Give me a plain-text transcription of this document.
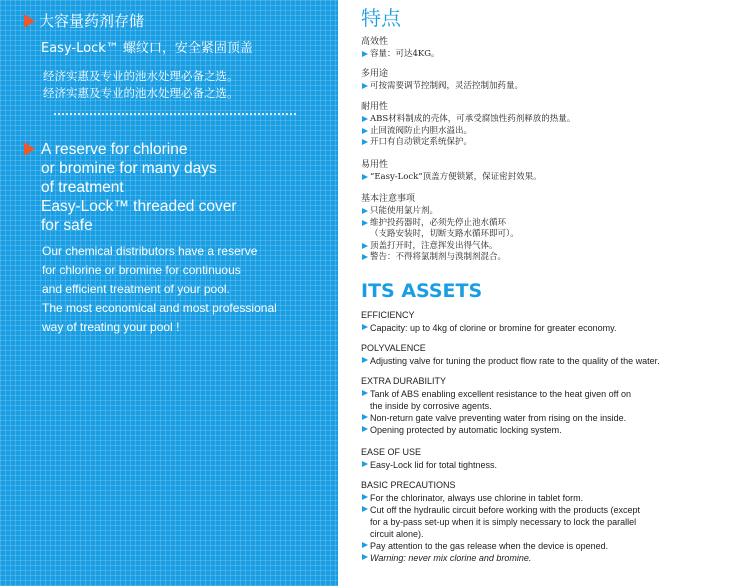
大容量药剂存储
Easy-Lock™ 螺纹口，安全紧固顶盖
经济实惠及专业的池水处理必备之选。
经济实惠及专业的池水处理必备之选。
A reserve for chlorine
or bromine for many days
of treatment
Easy-Lock™ threaded cover
for safe
Our chemical distributors have a reserve
for chlorine or bromine for continuous
and efficient treatment of your pool.
The most economical and most professional
way of treating your pool !
特点
高效性
容量：可达4KG。
多用途
可按需要调节控制阀，灵活控制加药量。
耐用性
ABS材料制成的壳体，可承受腐蚀性药剂释放的热量。
止回流阀防止内胆水溢出。
开口有自动锁定系统保护。
易用性
“Easy-Lock”顶盖方便锁紧，保证密封效果。
基本注意事项
只能使用氯片剂。
维护投药器时，必须先停止池水循环
（支路安装时，切断支路水循环即可）。
顶盖打开时，注意挥发出得气体。
警告：不得将氯制剂与溴制剂混合。
ITS ASSETS
EFFICIENCY
Capacity: up to 4kg of clorine or bromine for greater economy.
POLYVALENCE
Adjusting valve for tuning the product flow rate to the quality of the water.
EXTRA DURABILITY
Tank of ABS enabling excellent resistance to the heat given off on
the inside by corrosive agents.
Non-return gate valve preventing water from rising on the inside.
Opening protected by automatic locking system.
EASE OF USE
Easy-Lock lid for total tightness.
BASIC PRECAUTIONS
For the chlorinator, always use chlorine in tablet form.
Cut off the hydraulic circuit before working with the products (except
for a by-pass set-up when it is simply necessary to lock the parallel
circuit alone).
Pay attention to the gas release when the device is opened.
Warning: never mix clorine and bromine.
